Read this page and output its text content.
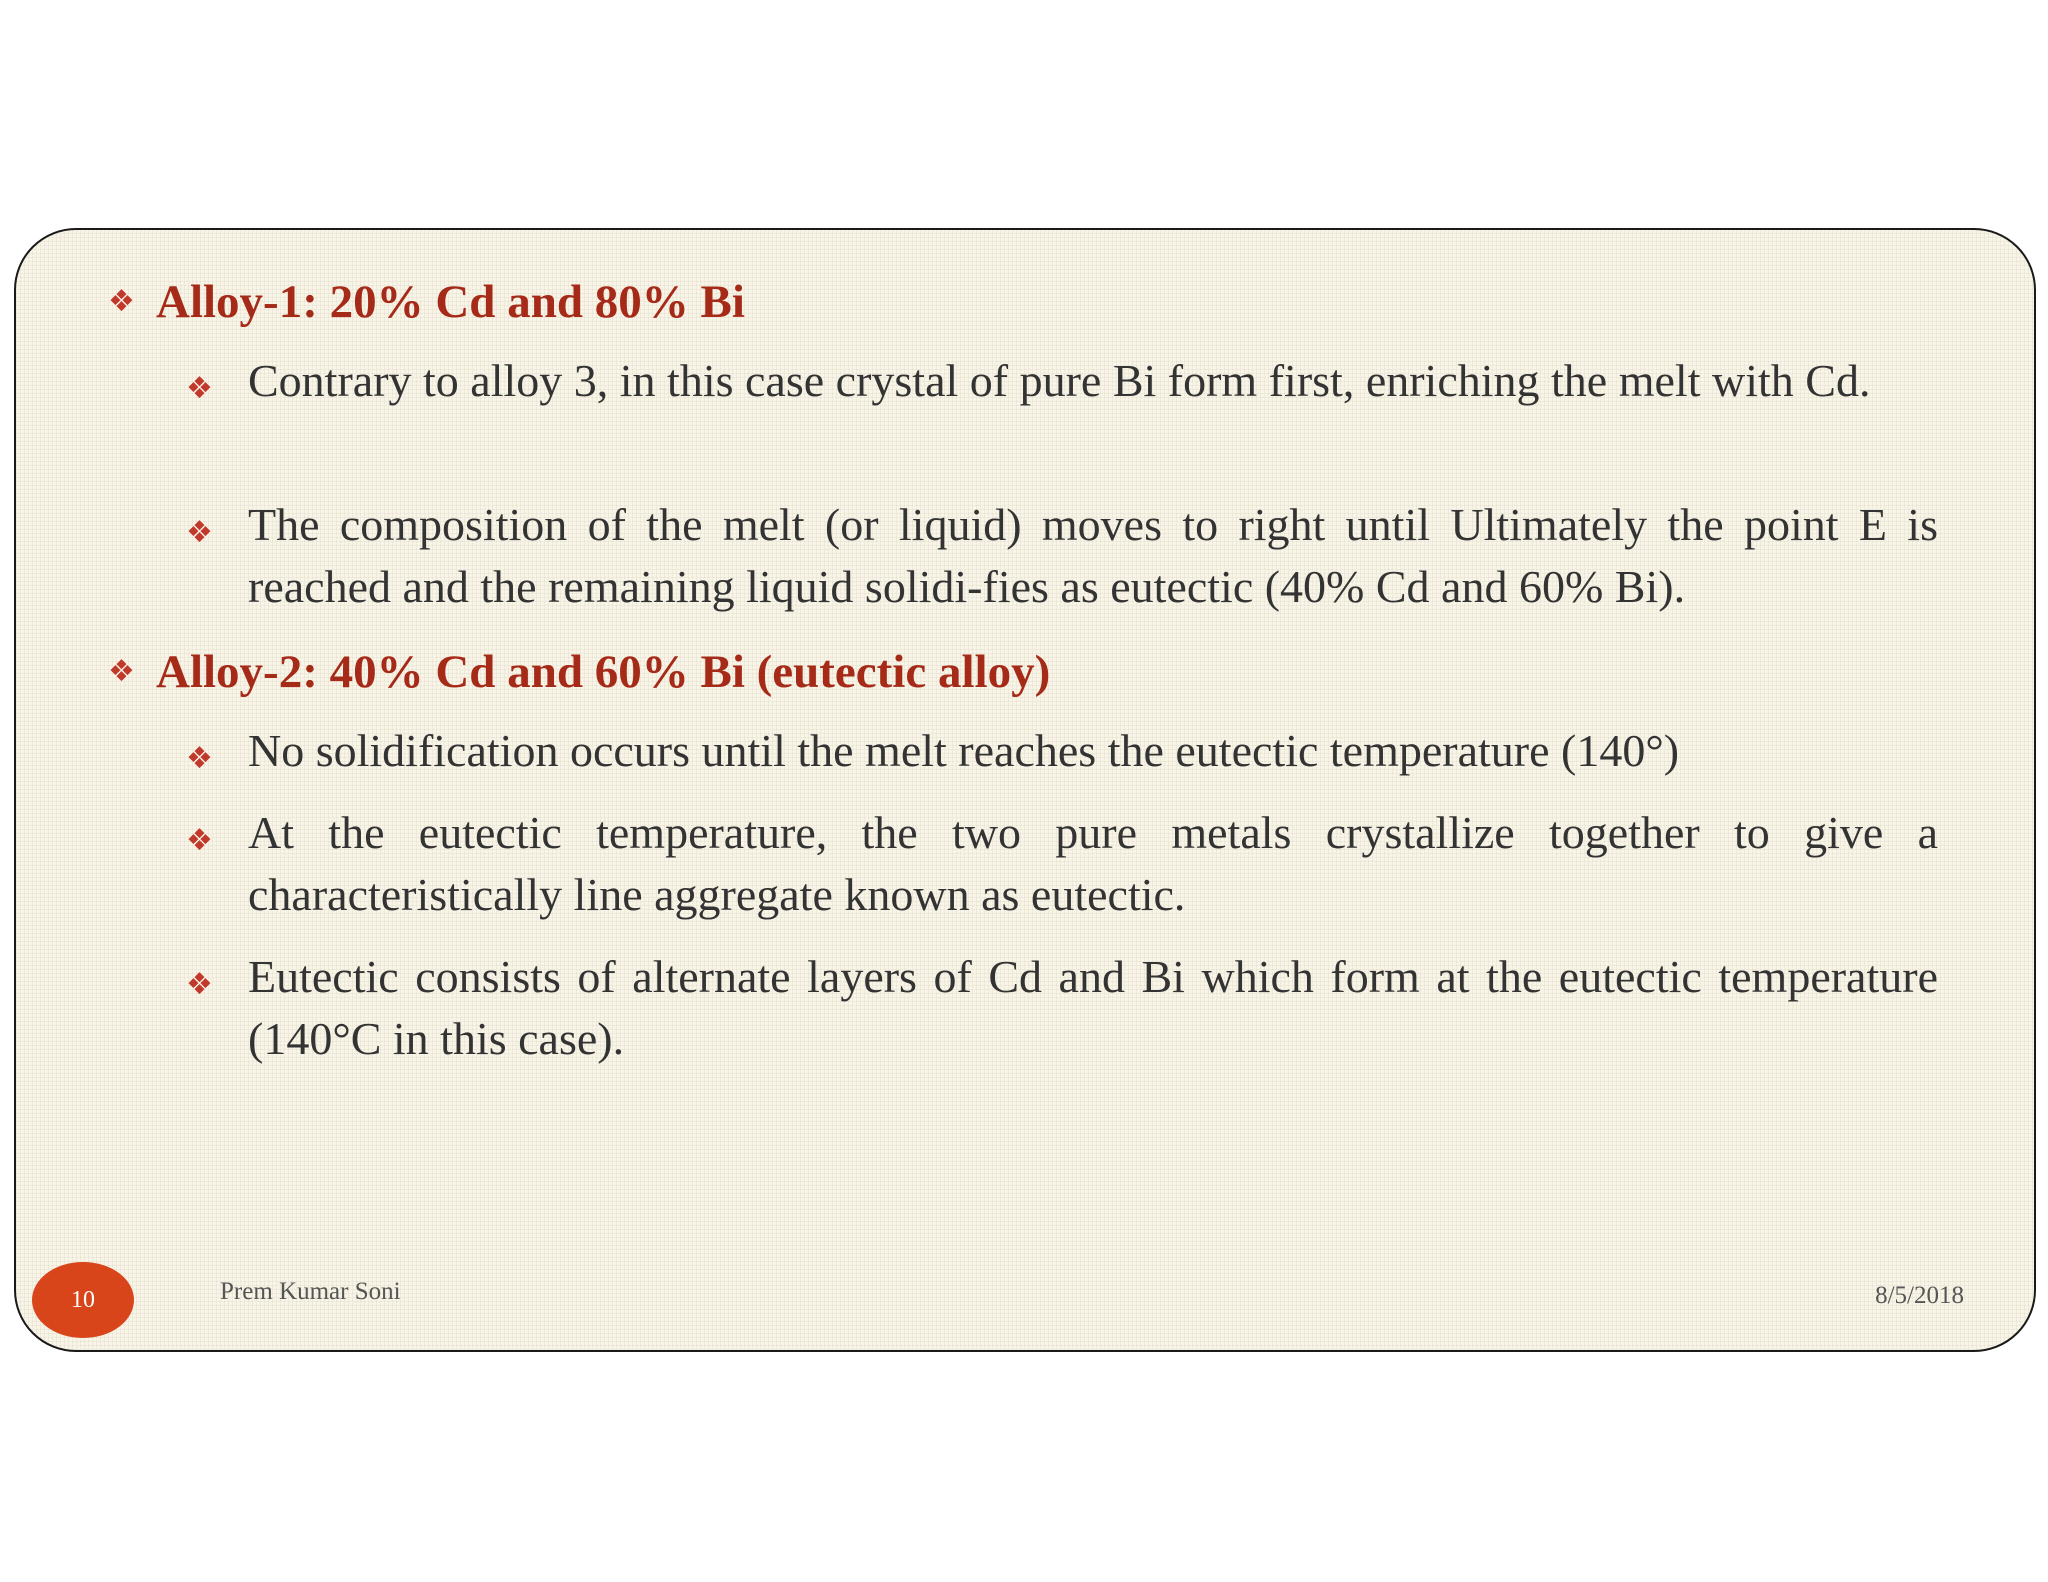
❖ Alloy-1: 20% Cd and 80% Bi
❖ Contrary to alloy 3, in this case crystal of pure Bi form first, enriching the melt with Cd.
❖ The composition of the melt (or liquid) moves to right until Ultimately the point E is reached and the remaining liquid solidi-fies as eutectic (40% Cd and 60% Bi).
❖ Alloy-2: 40% Cd and 60% Bi (eutectic alloy)
❖ No solidification occurs until the melt reaches the eutectic temperature (140°)
❖ At the eutectic temperature, the two pure metals crystallize together to give a characteristically line aggregate known as eutectic.
❖ Eutectic consists of alternate layers of Cd and Bi which form at the eutectic temperature (140°C in this case).
10	Prem Kumar Soni	8/5/2018
